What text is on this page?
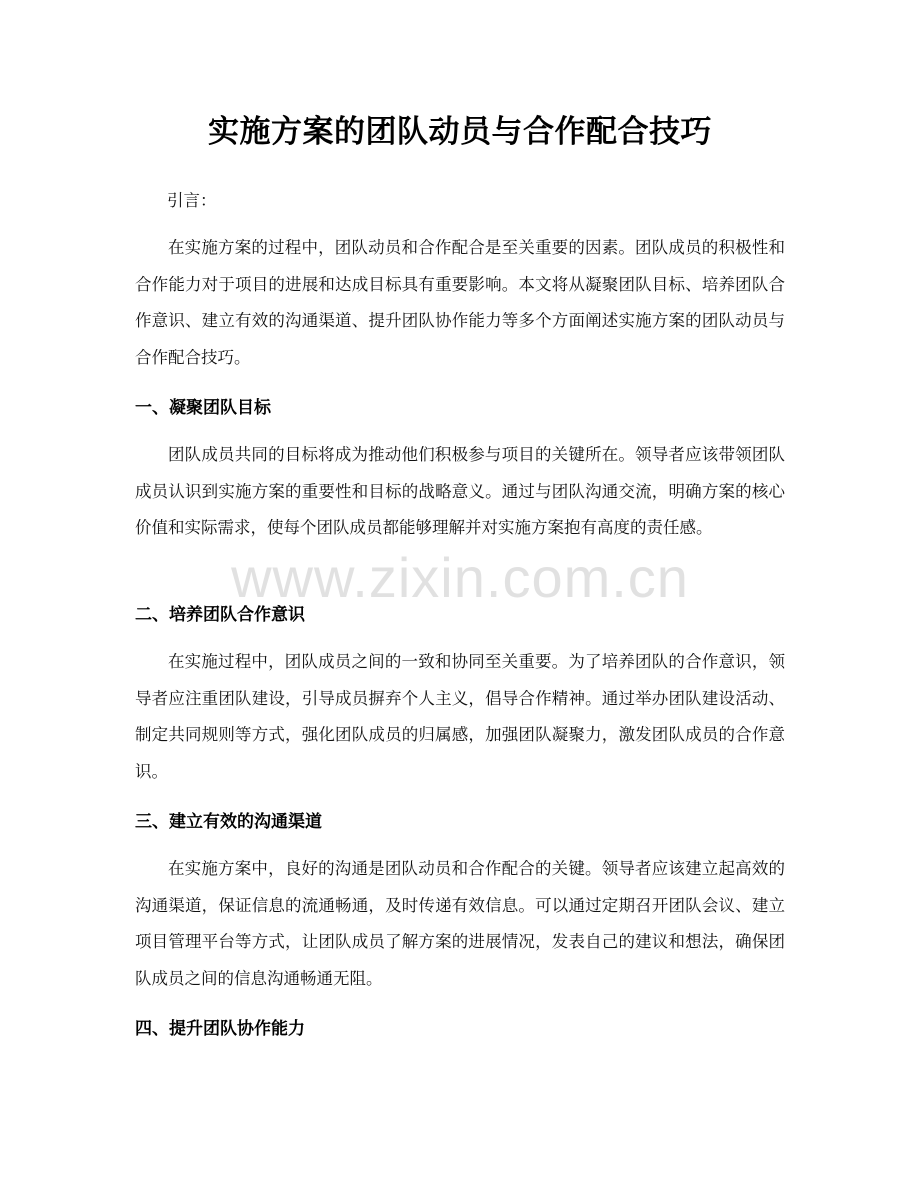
实施方案的团队动员与合作配合技巧

引言：

在实施方案的过程中，团队动员和合作配合是至关重要的因素。团队成员的积极性和合作能力对于项目的进展和达成目标具有重要影响。本文将从凝聚团队目标、培养团队合作意识、建立有效的沟通渠道、提升团队协作能力等多个方面阐述实施方案的团队动员与合作配合技巧。

一、凝聚团队目标

团队成员共同的目标将成为推动他们积极参与项目的关键所在。领导者应该带领团队成员认识到实施方案的重要性和目标的战略意义。通过与团队沟通交流，明确方案的核心价值和实际需求，使每个团队成员都能够理解并对实施方案抱有高度的责任感。

二、培养团队合作意识

在实施过程中，团队成员之间的一致和协同至关重要。为了培养团队的合作意识，领导者应注重团队建设，引导成员摒弃个人主义，倡导合作精神。通过举办团队建设活动、制定共同规则等方式，强化团队成员的归属感，加强团队凝聚力，激发团队成员的合作意识。

三、建立有效的沟通渠道

在实施方案中，良好的沟通是团队动员和合作配合的关键。领导者应该建立起高效的沟通渠道，保证信息的流通畅通，及时传递有效信息。可以通过定期召开团队会议、建立项目管理平台等方式，让团队成员了解方案的进展情况，发表自己的建议和想法，确保团队成员之间的信息沟通畅通无阻。

四、提升团队协作能力
www.zixin.com.cn
